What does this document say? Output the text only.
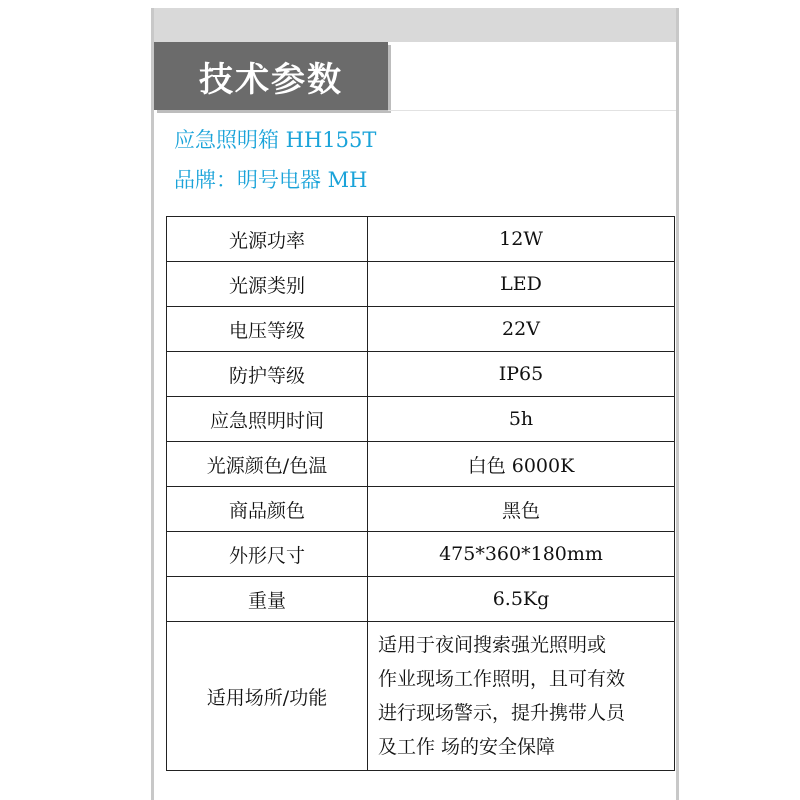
技术参数
应急照明箱 HH155T
品牌：明号电器 MH
光源功率	12W
光源类别	LED
电压等级	22V
防护等级	IP65
应急照明时间	5h
光源颜色/色温	白色 6000K
商品颜色	黑色
外形尺寸	475*360*180mm
重量	6.5Kg
适用场所/功能	适用于夜间搜索强光照明或
作业现场工作照明，且可有效
进行现场警示，提升携带人员
及工作 场的安全保障
